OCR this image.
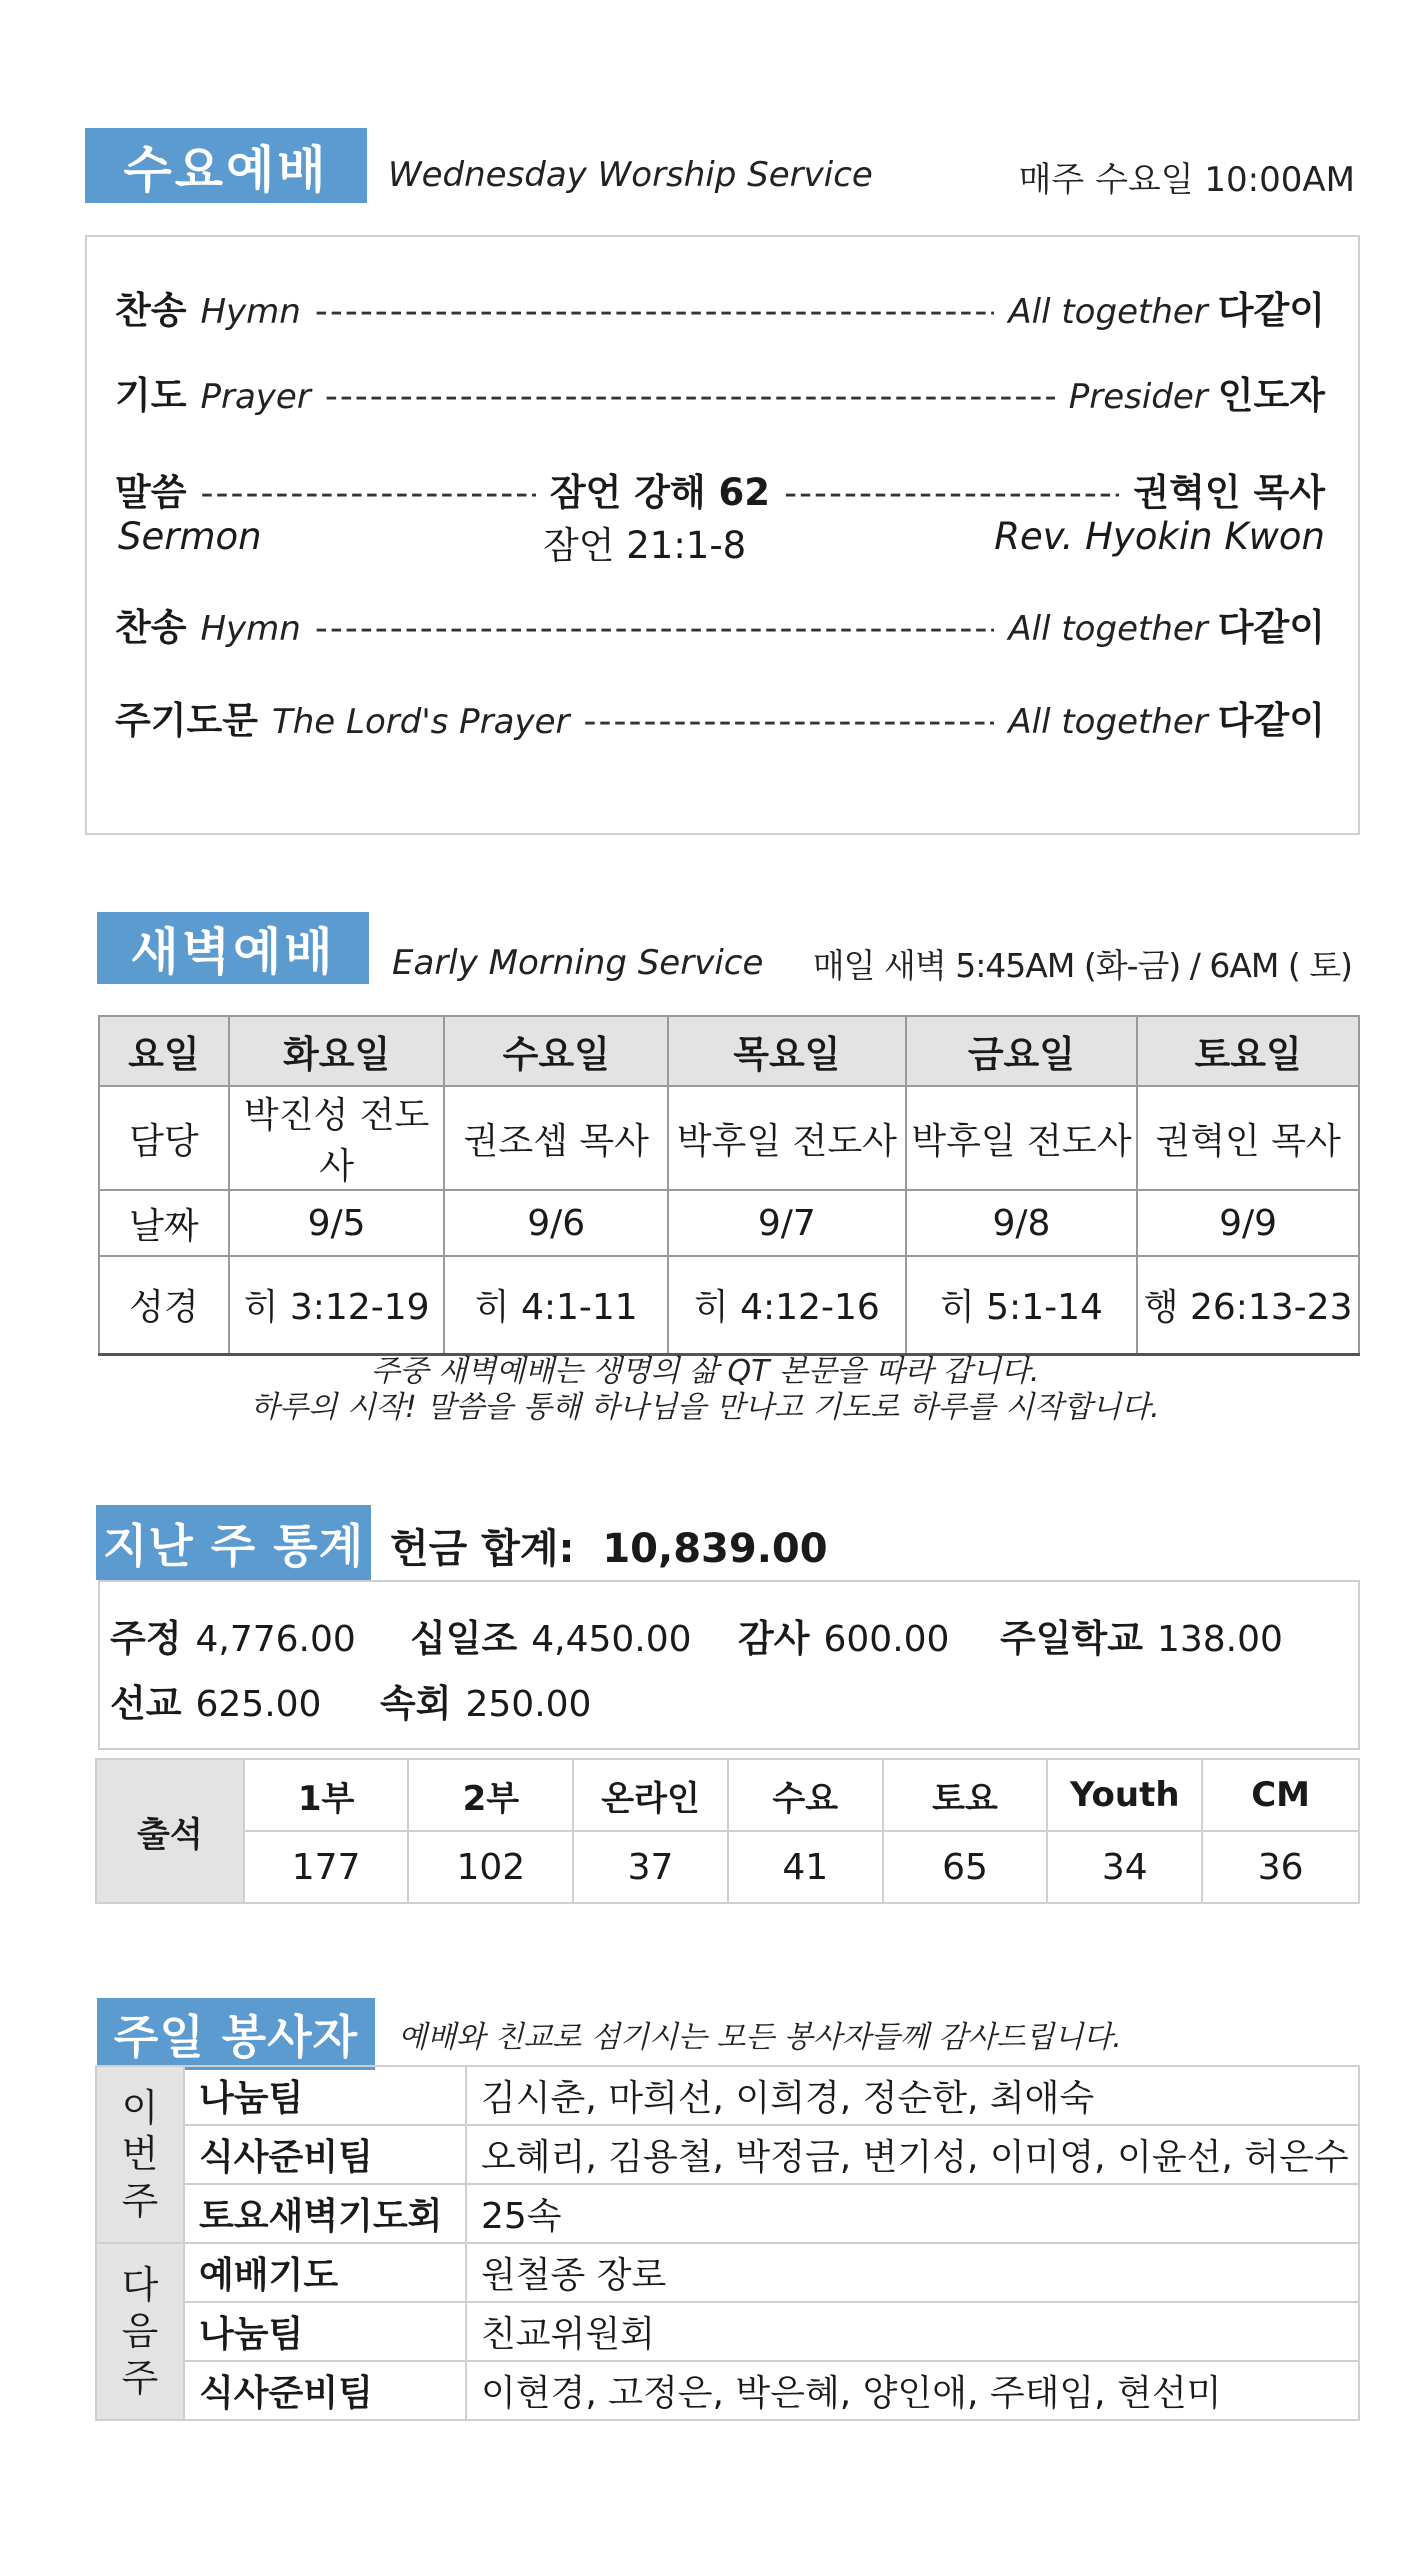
수요예배	Wednesday Worship Service	매주 수요일 10:00AM
찬송 Hymn -----	All together 다같이
기도 Prayer -----	Presider 인도자
말씀 -----	잠언 강해 62 -----	권혁인 목사
Sermon	잠언 21:1-8	Rev. Hyokin Kwon
찬송 Hymn -----	All together 다같이
주기도문 The Lord's Prayer -----	All together 다같이
새벽예배	Early Morning Service 매일 새벽 5:45AM (화-금) / 6AM ( 토)
요일	화요일	수요일	목요일	금요일	토요일
담당	박진성 전도사	권조셉 목사	박후일 전도사	박후일 전도사	권혁인 목사
날짜	9/5	9/6	9/7	9/8	9/9
성경	히 3:12-19	히 4:1-11	히 4:12-16	히 5:1-14	행 26:13-23
주중 새벽예배는 생명의 삶 QT 본문을 따라 갑니다.
하루의 시작! 말씀을 통해 하나님을 만나고 기도로 하루를 시작합니다.
지난 주 통계 헌금 합계: 10,839.00
주정 4,776.00 십일조 4,450.00 감사 600.00 주일학교 138.00
선교 625.00 속회 250.00
출석	1부	2부	온라인	수요	토요	Youth	CM
	177	102	37	41	65	34	36
주일 봉사자	예배와 친교로 섬기시는 모든 봉사자들께 감사드립니다.
이
번
주	나눔팀	김시춘, 마희선, 이희경, 정순한, 최애숙
	식사준비팀	오혜리, 김용철, 박정금, 변기성, 이미영, 이윤선, 허은수
	토요새벽기도회	25속
다
음
주	예배기도	원철종 장로
	나눔팀	친교위원회
	식사준비팀	이현경, 고정은, 박은혜, 양인애, 주태임, 현선미
